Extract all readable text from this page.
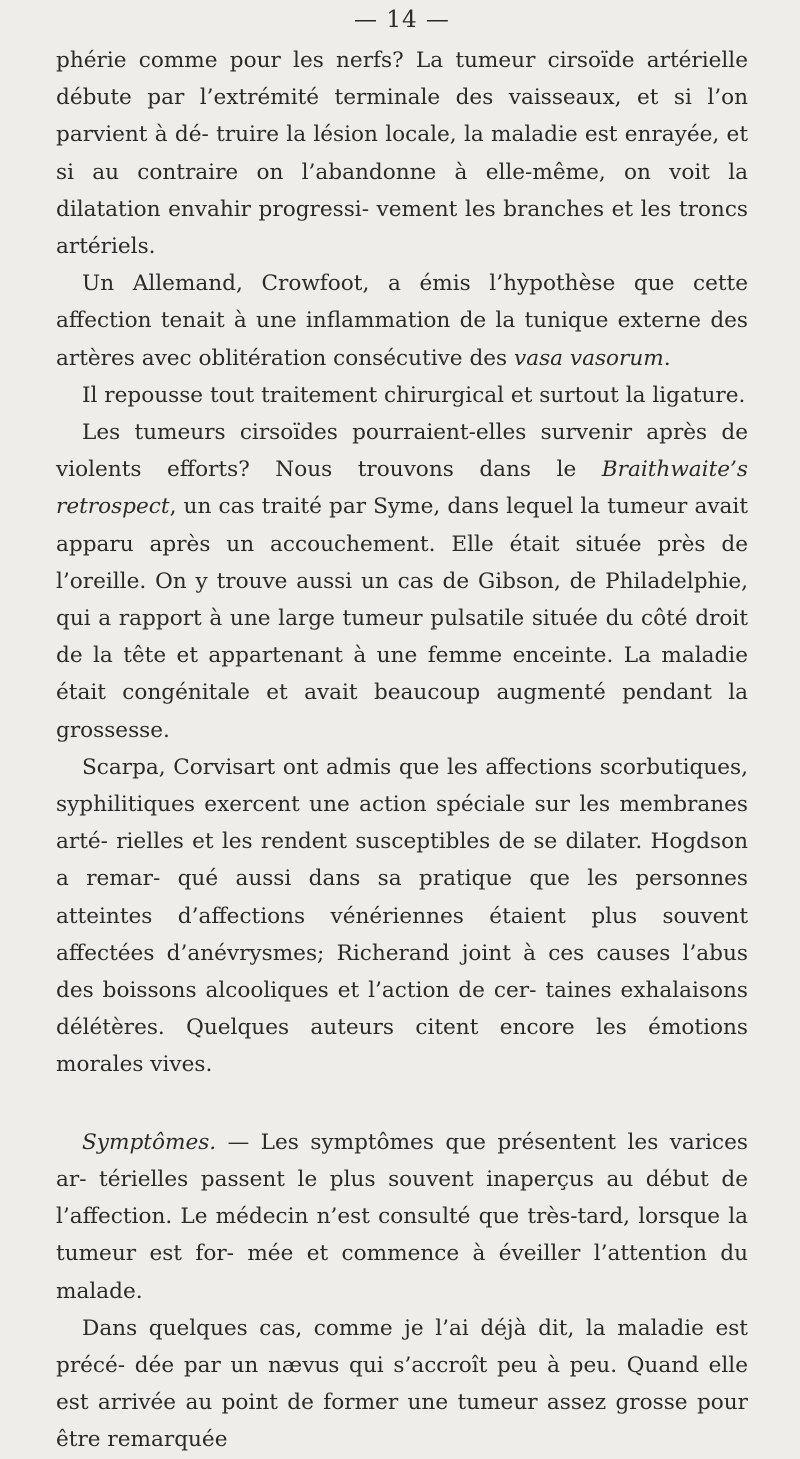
— 14 —

phérie comme pour les nerfs? La tumeur cirsoïde artérielle débute par l’extrémité terminale des vaisseaux, et si l’on parvient à dé- truire la lésion locale, la maladie est enrayée, et si au contraire on l’abandonne à elle-même, on voit la dilatation envahir progressi- vement les branches et les troncs artériels.

Un Allemand, Crowfoot, a émis l’hypothèse que cette affection tenait à une inflammation de la tunique externe des artères avec oblitération consécutive des vasa vasorum.

Il repousse tout traitement chirurgical et surtout la ligature.

Les tumeurs cirsoïdes pourraient-elles survenir après de violents efforts? Nous trouvons dans le Braithwaite’s retrospect, un cas traité par Syme, dans lequel la tumeur avait apparu après un accouchement. Elle était située près de l’oreille. On y trouve aussi un cas de Gibson, de Philadelphie, qui a rapport à une large tumeur pulsatile située du côté droit de la tête et appartenant à une femme enceinte. La maladie était congénitale et avait beaucoup augmenté pendant la grossesse.

Scarpa, Corvisart ont admis que les affections scorbutiques, syphilitiques exercent une action spéciale sur les membranes arté- rielles et les rendent susceptibles de se dilater. Hogdson a remar- qué aussi dans sa pratique que les personnes atteintes d’affections vénériennes étaient plus souvent affectées d’anévrysmes; Richerand joint à ces causes l’abus des boissons alcooliques et l’action de cer- taines exhalaisons délétères. Quelques auteurs citent encore les émotions morales vives.

Symptômes. — Les symptômes que présentent les varices ar- térielles passent le plus souvent inaperçus au début de l’affection. Le médecin n’est consulté que très-tard, lorsque la tumeur est for- mée et commence à éveiller l’attention du malade.

Dans quelques cas, comme je l’ai déjà dit, la maladie est précé- dée par un nævus qui s’accroît peu à peu. Quand elle est arrivée au point de former une tumeur assez grosse pour être remarquée
